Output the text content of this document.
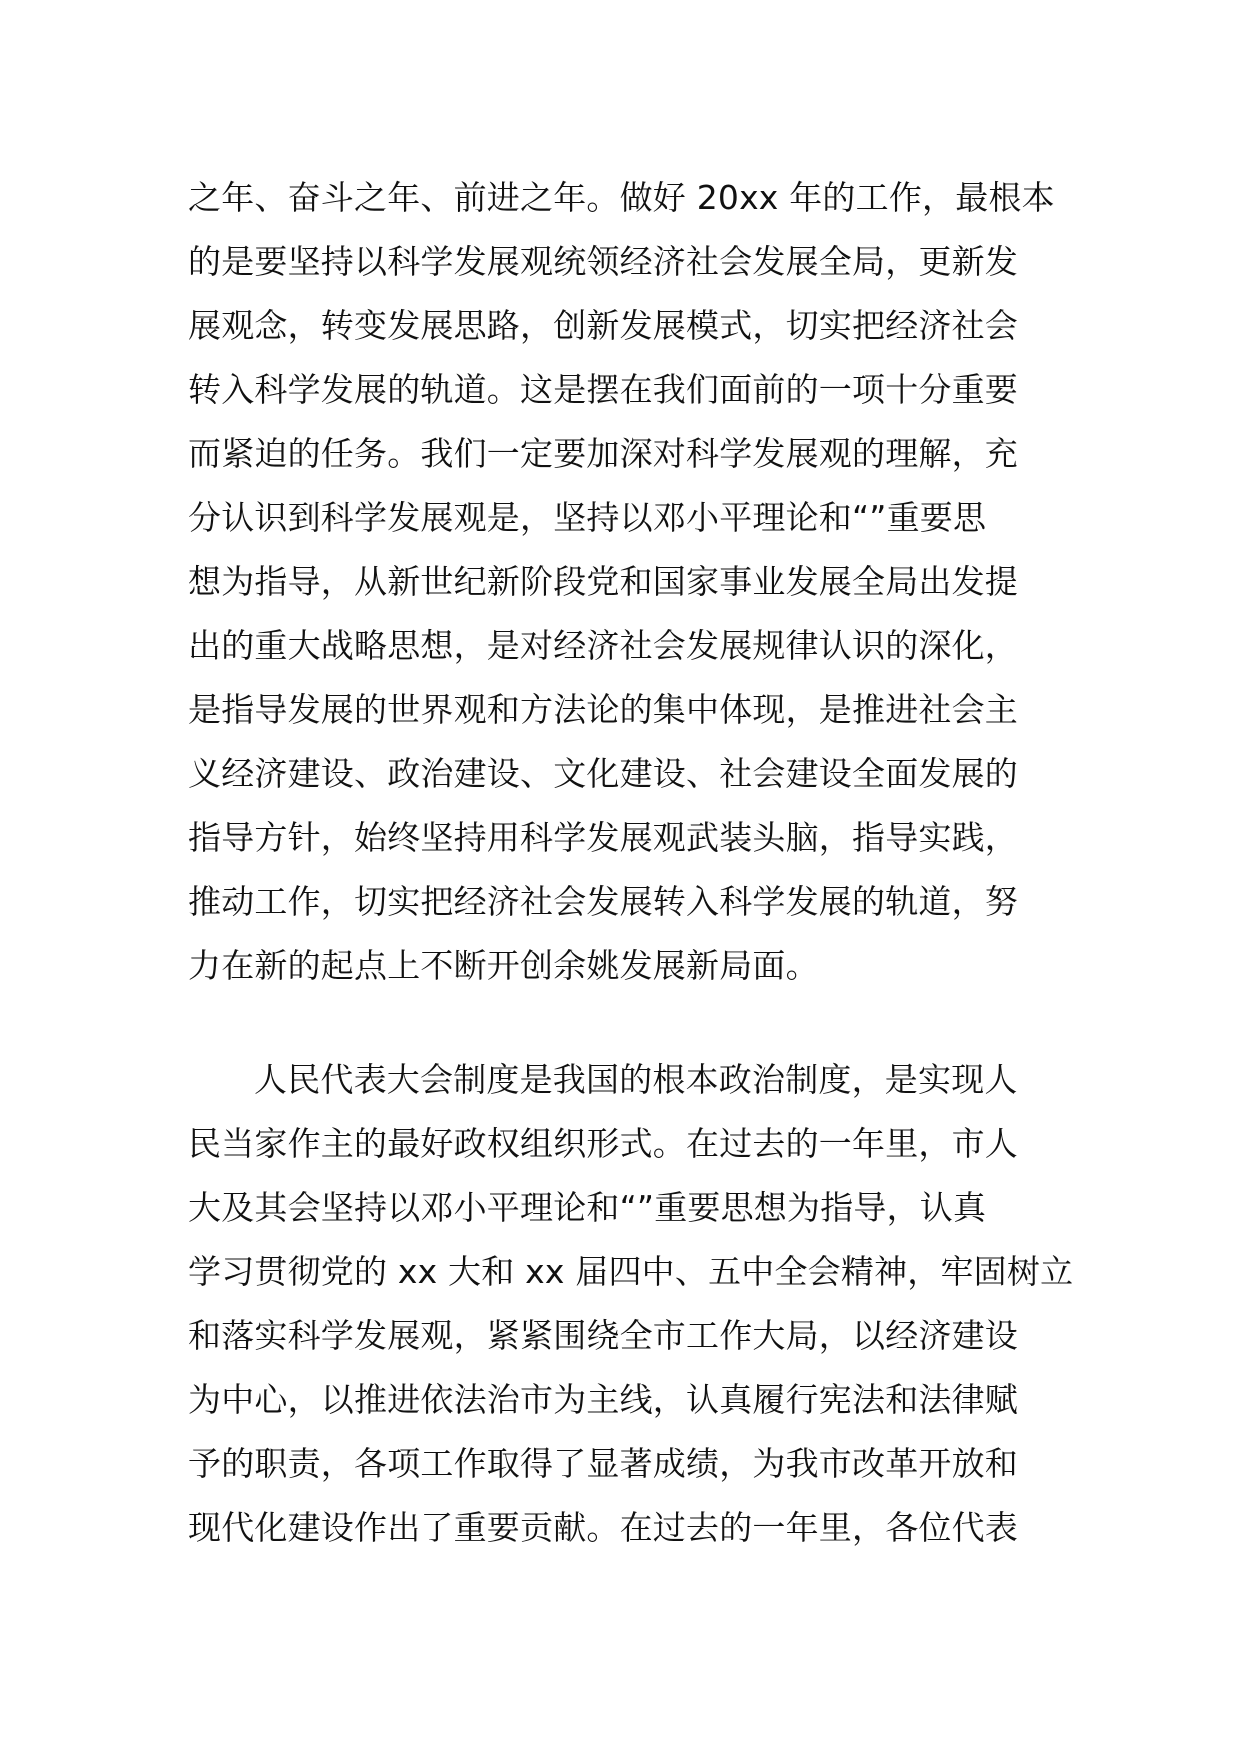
之年、奋斗之年、前进之年。做好 20xx 年的工作，最根本
的是要坚持以科学发展观统领经济社会发展全局，更新发
展观念，转变发展思路，创新发展模式，切实把经济社会
转入科学发展的轨道。这是摆在我们面前的一项十分重要
而紧迫的任务。我们一定要加深对科学发展观的理解，充
分认识到科学发展观是，坚持以邓小平理论和“”重要思
想为指导，从新世纪新阶段党和国家事业发展全局出发提
出的重大战略思想，是对经济社会发展规律认识的深化，
是指导发展的世界观和方法论的集中体现，是推进社会主
义经济建设、政治建设、文化建设、社会建设全面发展的
指导方针，始终坚持用科学发展观武装头脑，指导实践，
推动工作，切实把经济社会发展转入科学发展的轨道，努
力在新的起点上不断开创余姚发展新局面。
人民代表大会制度是我国的根本政治制度，是实现人
民当家作主的最好政权组织形式。在过去的一年里，市人
大及其会坚持以邓小平理论和“”重要思想为指导，认真
学习贯彻党的 xx 大和 xx 届四中、五中全会精神，牢固树立
和落实科学发展观，紧紧围绕全市工作大局，以经济建设
为中心，以推进依法治市为主线，认真履行宪法和法律赋
予的职责，各项工作取得了显著成绩，为我市改革开放和
现代化建设作出了重要贡献。在过去的一年里，各位代表
